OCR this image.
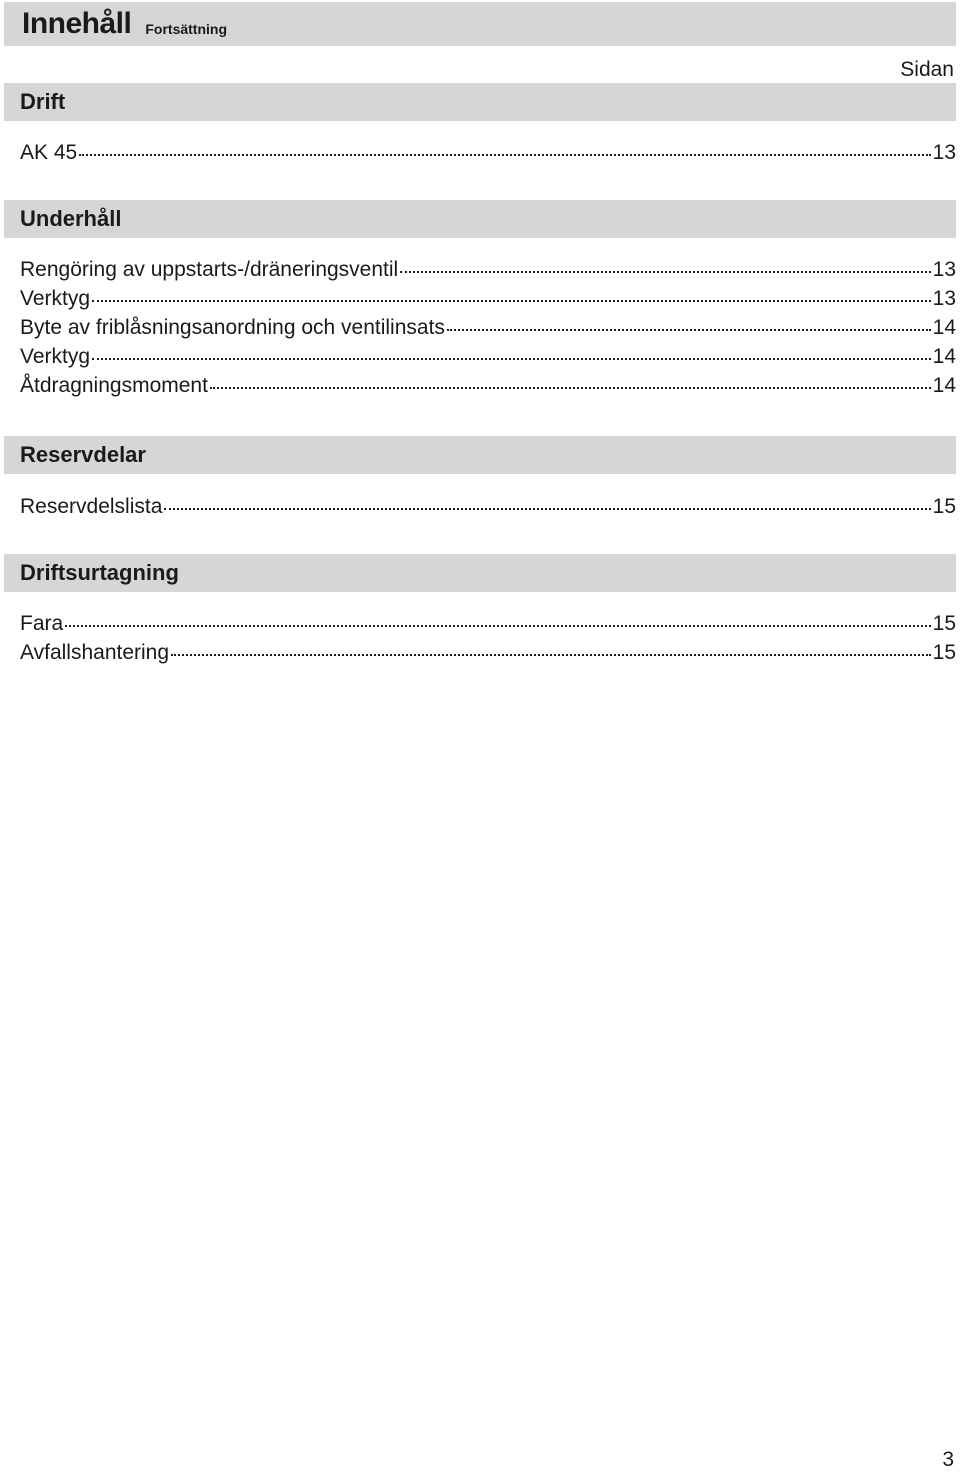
Innehåll Fortsättning
Sidan
Drift
AK 45	13
Underhåll
Rengöring av uppstarts-/dräneringsventil	13
Verktyg	13
Byte av friblåsningsanordning och ventilinsats	14
Verktyg	14
Åtdragningsmoment	14
Reservdelar
Reservdelslista	15
Driftsurtagning
Fara	15
Avfallshantering	15
3
